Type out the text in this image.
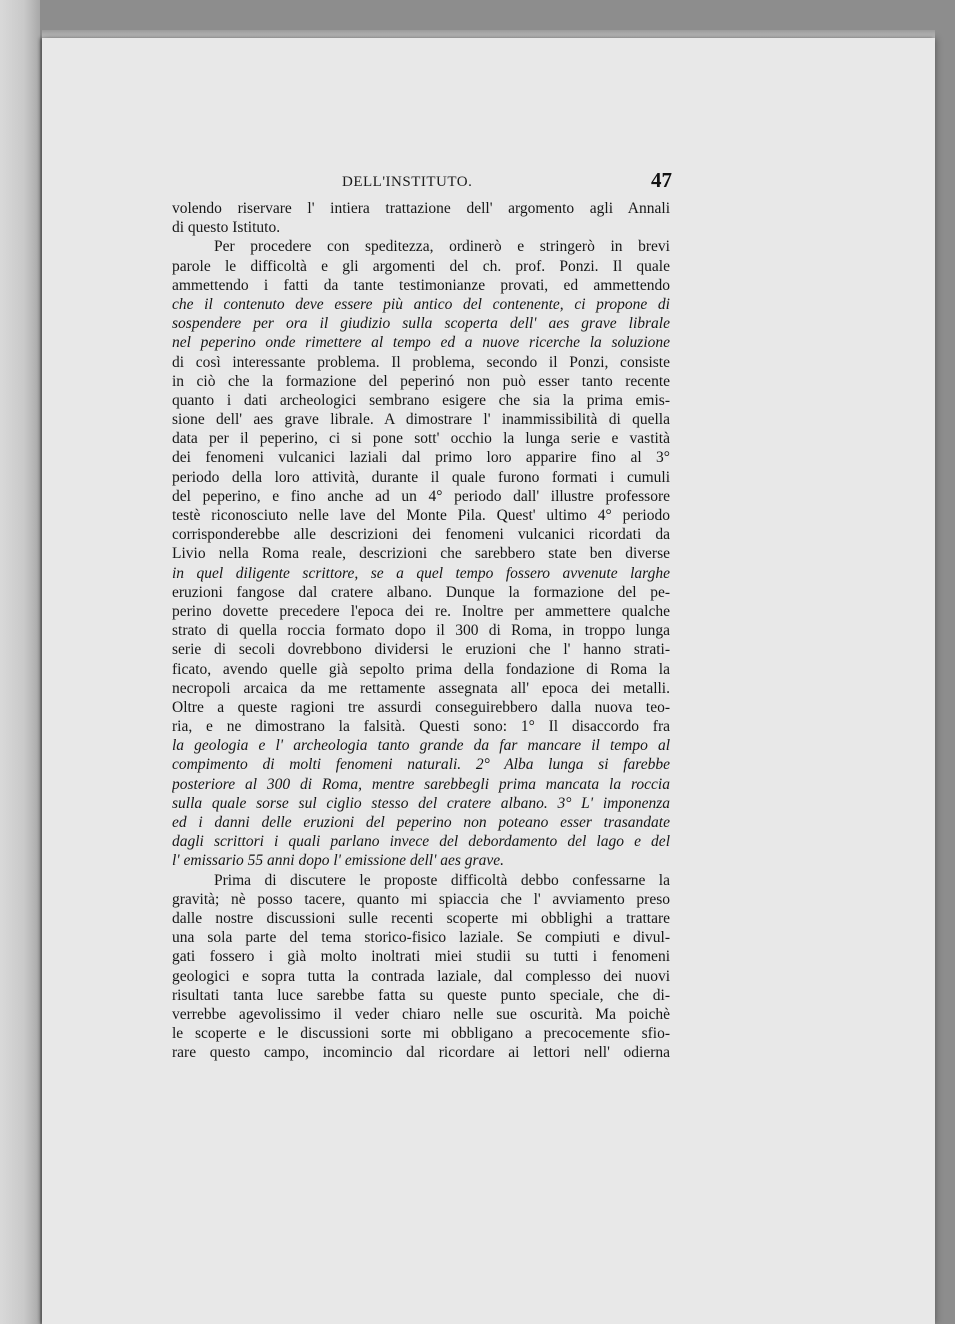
DELL'INSTITUTO.	47
volendo riservare l' intiera trattazione dell' argomento agli Annali
di questo Istituto.
Per procedere con speditezza, ordinerò e stringerò in brevi
parole le difficoltà e gli argomenti del ch. prof. Ponzi. Il quale
ammettendo i fatti da tante testimonianze provati, ed ammettendo
che il contenuto deve essere più antico del contenente, ci propone di
sospendere per ora il giudizio sulla scoperta dell' aes grave librale
nel peperino onde rimettere al tempo ed a nuove ricerche la soluzione
di così interessante problema. Il problema, secondo il Ponzi, consiste
in ciò che la formazione del peperinó non può esser tanto recente
quanto i dati archeologici sembrano esigere che sia la prima emis-
sione dell' aes grave librale. A dimostrare l' inammissibilità di quella
data per il peperino, ci si pone sott' occhio la lunga serie e vastità
dei fenomeni vulcanici laziali dal primo loro apparire fino al 3°
periodo della loro attività, durante il quale furono formati i cumuli
del peperino, e fino anche ad un 4° periodo dall' illustre professore
testè riconosciuto nelle lave del Monte Pila. Quest' ultimo 4° periodo
corrisponderebbe alle descrizioni dei fenomeni vulcanici ricordati da
Livio nella Roma reale, descrizioni che sarebbero state ben diverse
in quel diligente scrittore, se a quel tempo fossero avvenute larghe
eruzioni fangose dal cratere albano. Dunque la formazione del pe-
perino dovette precedere l'epoca dei re. Inoltre per ammettere qualche
strato di quella roccia formato dopo il 300 di Roma, in troppo lunga
serie di secoli dovrebbono dividersi le eruzioni che l' hanno strati-
ficato, avendo quelle già sepolto prima della fondazione di Roma la
necropoli arcaica da me rettamente assegnata all' epoca dei metalli.
Oltre a queste ragioni tre assurdi conseguirebbero dalla nuova teo-
ria, e ne dimostrano la falsità. Questi sono: 1° Il disaccordo fra
la geologia e l' archeologia tanto grande da far mancare il tempo al
compimento di molti fenomeni naturali. 2° Alba lunga si farebbe
posteriore al 300 di Roma, mentre sarebbegli prima mancata la roccia
sulla quale sorse sul ciglio stesso del cratere albano. 3° L' imponenza
ed i danni delle eruzioni del peperino non poteano esser trasandate
dagli scrittori i quali parlano invece del debordamento del lago e del
l' emissario 55 anni dopo l' emissione dell' aes grave.
Prima di discutere le proposte difficoltà debbo confessarne la
gravità; nè posso tacere, quanto mi spiaccia che l' avviamento preso
dalle nostre discussioni sulle recenti scoperte mi obblighi a trattare
una sola parte del tema storico-fisico laziale. Se compiuti e divul-
gati fossero i già molto inoltrati miei studii su tutti i fenomeni
geologici e sopra tutta la contrada laziale, dal complesso dei nuovi
risultati tanta luce sarebbe fatta su queste punto speciale, che di-
verrebbe agevolissimo il veder chiaro nelle sue oscurità. Ma poichè
le scoperte e le discussioni sorte mi obbligano a precocemente sfio-
rare questo campo, incomincio dal ricordare ai lettori nell' odierna
